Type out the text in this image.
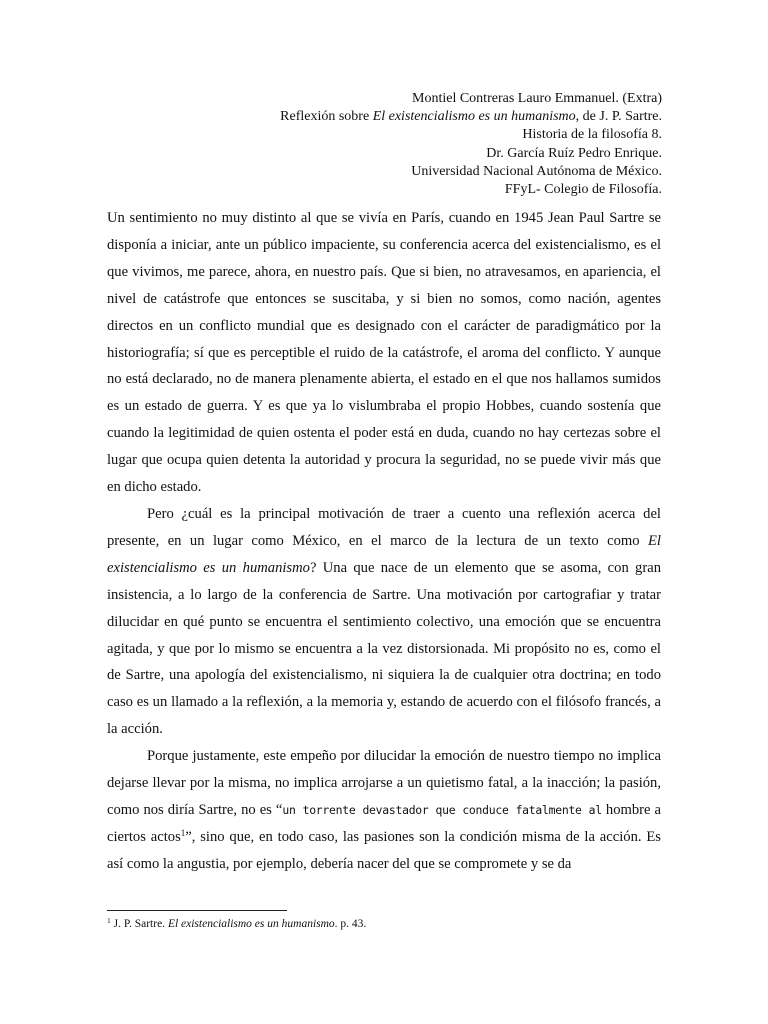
Montiel Contreras Lauro Emmanuel. (Extra)
Reflexión sobre El existencialismo es un humanismo, de J. P. Sartre.
Historia de la filosofía 8.
Dr. García Ruíz Pedro Enrique.
Universidad Nacional Autónoma de México.
FFyL- Colegio de Filosofía.

Un sentimiento no muy distinto al que se vivía en París, cuando en 1945 Jean Paul Sartre se disponía a iniciar, ante un público impaciente, su conferencia acerca del existencialismo, es el que vivimos, me parece, ahora, en nuestro país. Que si bien, no atravesamos, en apariencia, el nivel de catástrofe que entonces se suscitaba, y si bien no somos, como nación, agentes directos en un conflicto mundial que es designado con el carácter de paradigmático por la historiografía; sí que es perceptible el ruido de la catástrofe, el aroma del conflicto. Y aunque no está declarado, no de manera plenamente abierta, el estado en el que nos hallamos sumidos es un estado de guerra. Y es que ya lo vislumbraba el propio Hobbes, cuando sostenía que cuando la legitimidad de quien ostenta el poder está en duda, cuando no hay certezas sobre el lugar que ocupa quien detenta la autoridad y procura la seguridad, no se puede vivir más que en dicho estado.

Pero ¿cuál es la principal motivación de traer a cuento una reflexión acerca del presente, en un lugar como México, en el marco de la lectura de un texto como El existencialismo es un humanismo? Una que nace de un elemento que se asoma, con gran insistencia, a lo largo de la conferencia de Sartre. Una motivación por cartografiar y tratar dilucidar en qué punto se encuentra el sentimiento colectivo, una emoción que se encuentra agitada, y que por lo mismo se encuentra a la vez distorsionada. Mi propósito no es, como el de Sartre, una apología del existencialismo, ni siquiera la de cualquier otra doctrina; en todo caso es un llamado a la reflexión, a la memoria y, estando de acuerdo con el filósofo francés, a la acción.

Porque justamente, este empeño por dilucidar la emoción de nuestro tiempo no implica dejarse llevar por la misma, no implica arrojarse a un quietismo fatal, a la inacción; la pasión, como nos diría Sartre, no es “un torrente devastador que conduce fatalmente al hombre a ciertos actos$^1$”, sino que, en todo caso, las pasiones son la condición misma de la acción. Es así como la angustia, por ejemplo, debería nacer del que se compromete y se da

$^1$ J. P. Sartre. El existencialismo es un humanismo. p. 43.
